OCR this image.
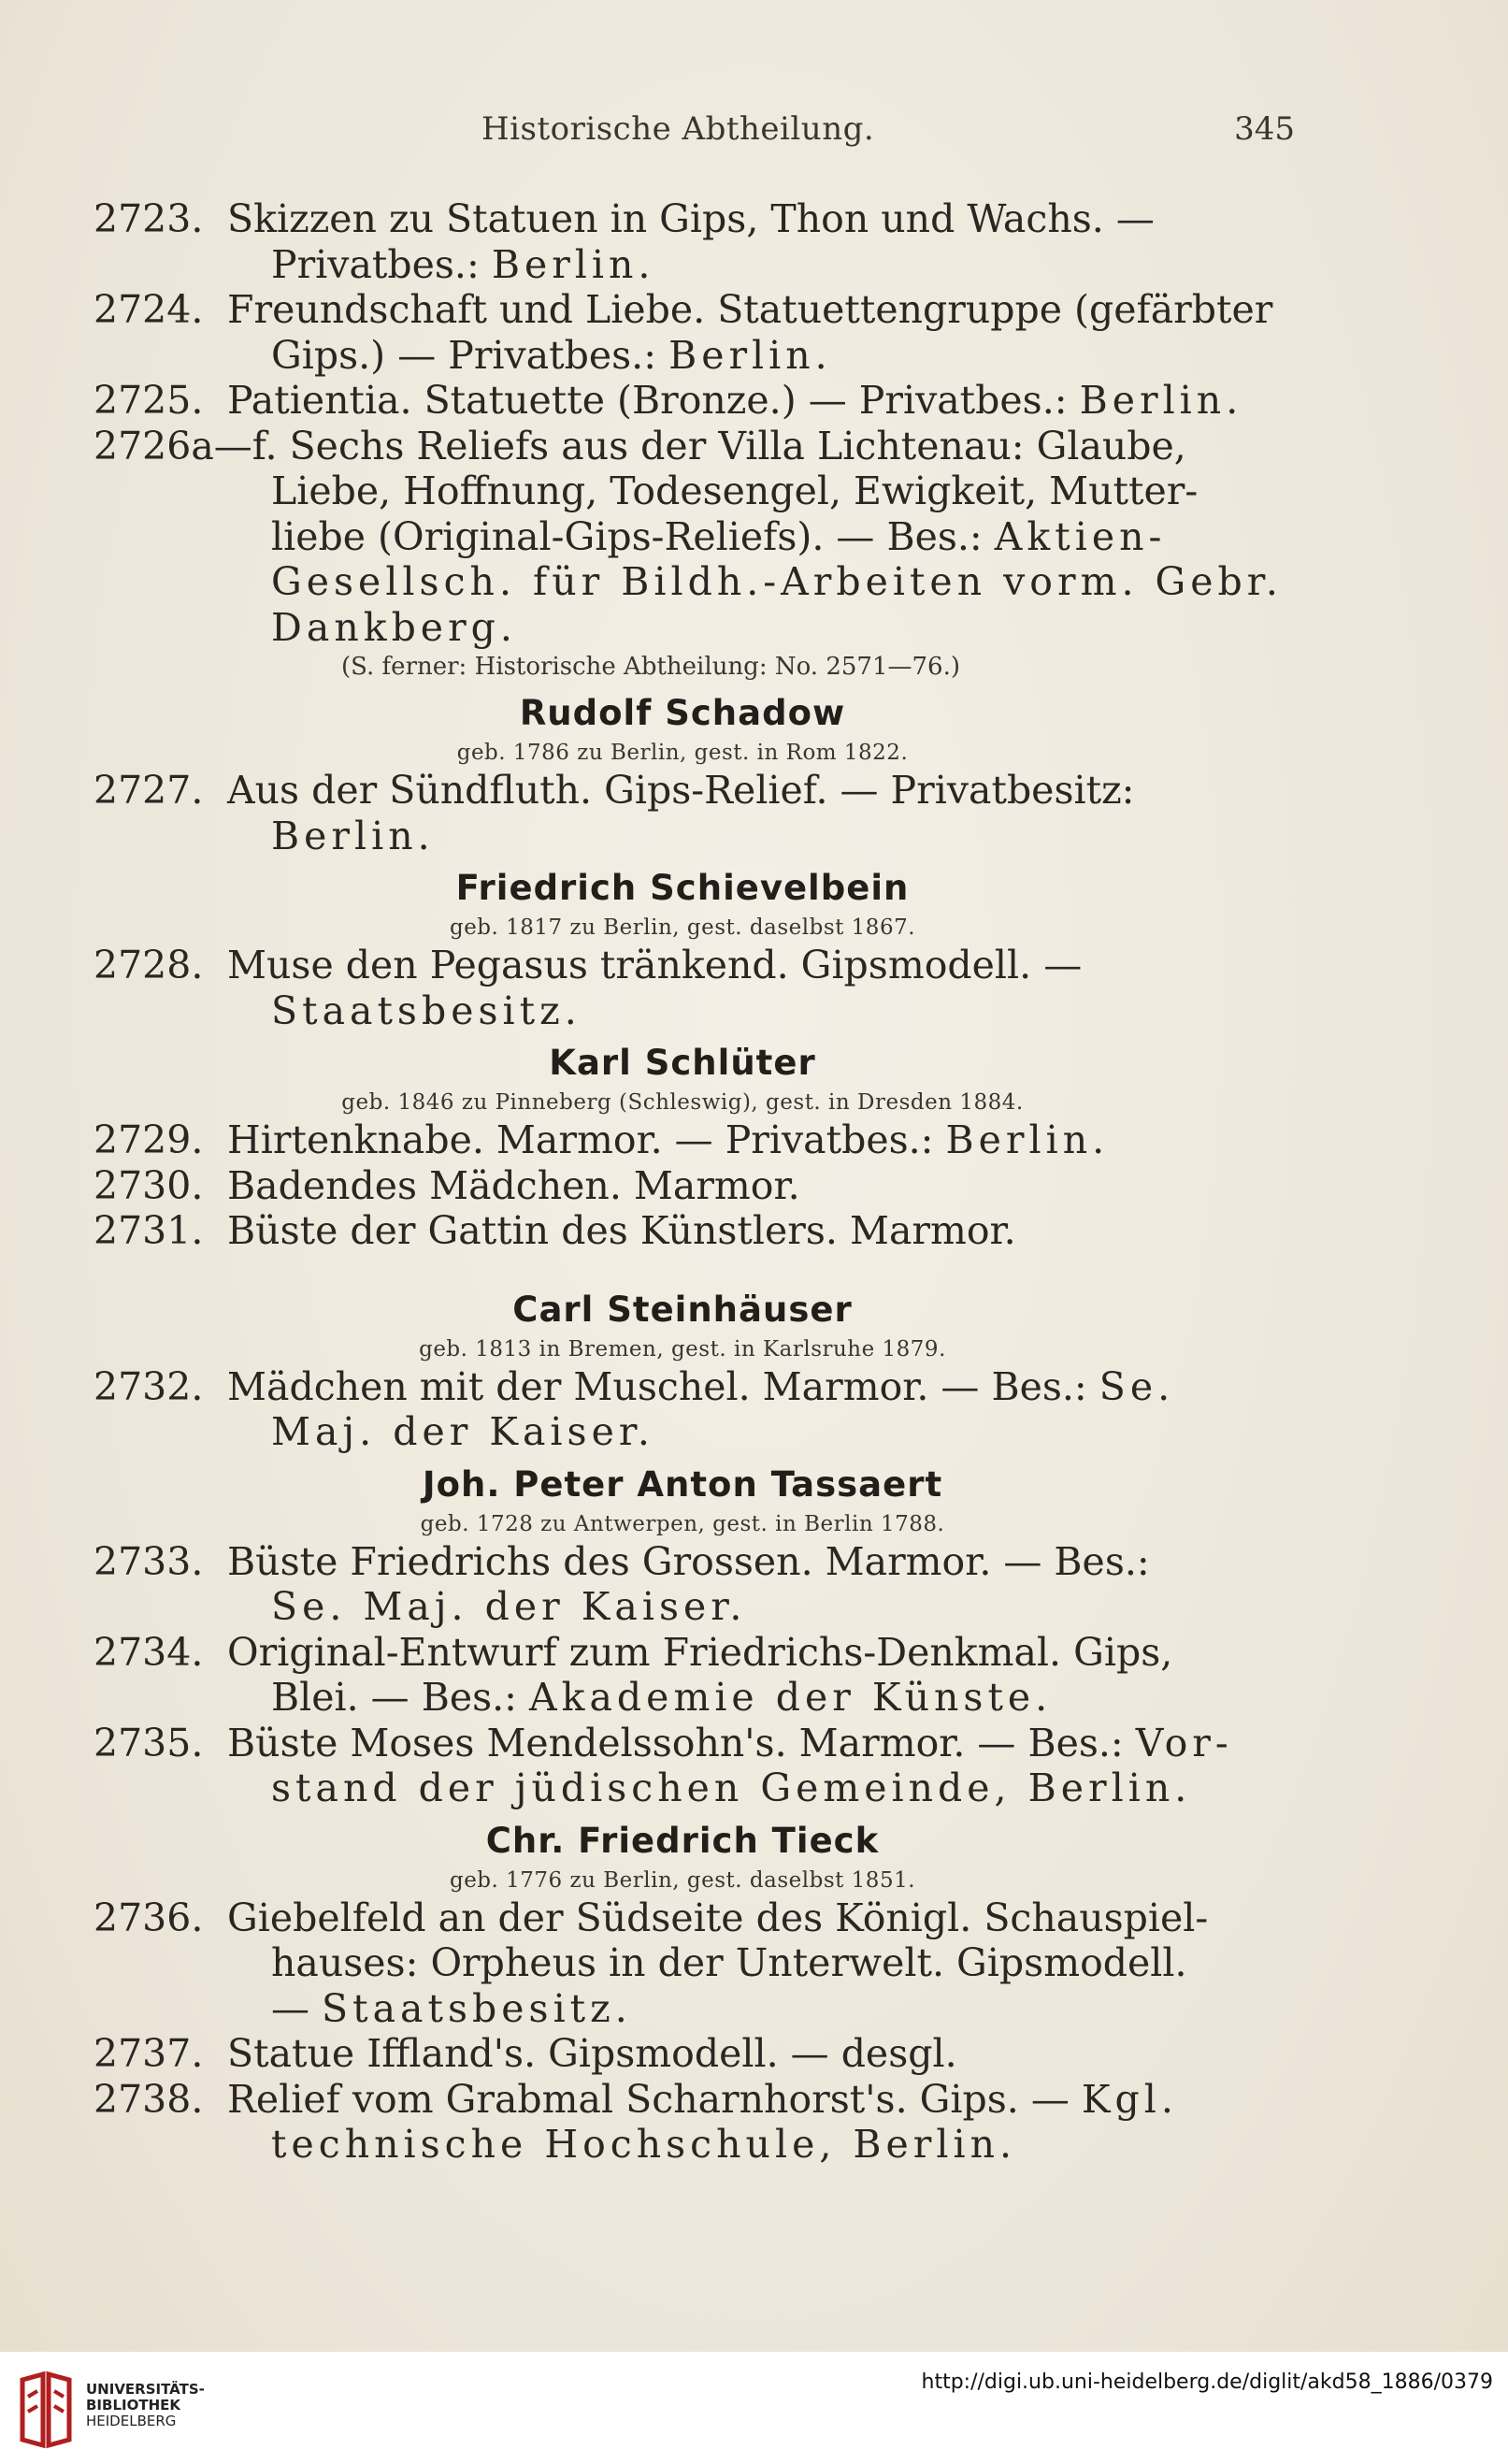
Historische Abtheilung.	345
2723. Skizzen zu Statuen in Gips, Thon und Wachs. —
Privatbes.: Berlin.
2724. Freundschaft und Liebe. Statuettengruppe (gefärbter
Gips.) — Privatbes.: Berlin.
2725. Patientia. Statuette (Bronze.) — Privatbes.: Berlin.
2726a—f. Sechs Reliefs aus der Villa Lichtenau: Glaube,
Liebe, Hoffnung, Todesengel, Ewigkeit, Mutter-
liebe (Original-Gips-Reliefs). — Bes.: Aktien-
Gesellsch. für Bildh.-Arbeiten vorm. Gebr.
Dankberg.
(S. ferner: Historische Abtheilung: No. 2571—76.)
Rudolf Schadow
geb. 1786 zu Berlin, gest. in Rom 1822.
2727. Aus der Sündfluth. Gips-Relief. — Privatbesitz:
Berlin.
Friedrich Schievelbein
geb. 1817 zu Berlin, gest. daselbst 1867.
2728. Muse den Pegasus tränkend. Gipsmodell. —
Staatsbesitz.
Karl Schlüter
geb. 1846 zu Pinneberg (Schleswig), gest. in Dresden 1884.
2729. Hirtenknabe. Marmor. — Privatbes.: Berlin.
2730. Badendes Mädchen. Marmor.
2731. Büste der Gattin des Künstlers. Marmor.
Carl Steinhäuser
geb. 1813 in Bremen, gest. in Karlsruhe 1879.
2732. Mädchen mit der Muschel. Marmor. — Bes.: Se.
Maj. der Kaiser.
Joh. Peter Anton Tassaert
geb. 1728 zu Antwerpen, gest. in Berlin 1788.
2733. Büste Friedrichs des Grossen. Marmor. — Bes.:
Se. Maj. der Kaiser.
2734. Original-Entwurf zum Friedrichs-Denkmal. Gips,
Blei. — Bes.: Akademie der Künste.
2735. Büste Moses Mendelssohn's. Marmor. — Bes.: Vor-
stand der jüdischen Gemeinde, Berlin.
Chr. Friedrich Tieck
geb. 1776 zu Berlin, gest. daselbst 1851.
2736. Giebelfeld an der Südseite des Königl. Schauspiel-
hauses: Orpheus in der Unterwelt. Gipsmodell.
— Staatsbesitz.
2737. Statue Iffland's. Gipsmodell. — desgl.
2738. Relief vom Grabmal Scharnhorst's. Gips. — Kgl.
technische Hochschule, Berlin.
UNIVERSITÄTS-
BIBLIOTHEK
HEIDELBERG
http://digi.ub.uni-heidelberg.de/diglit/akd58_1886/0379
